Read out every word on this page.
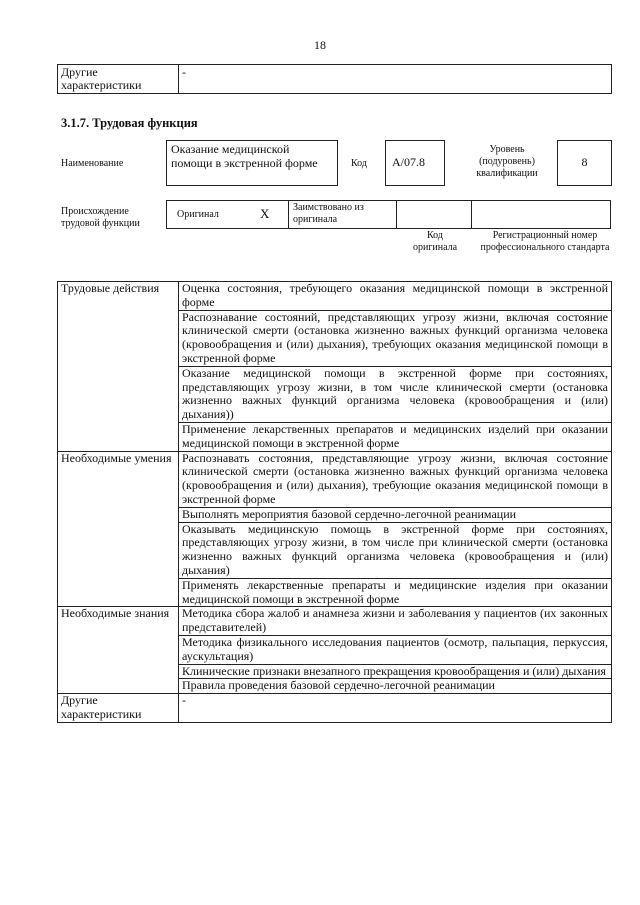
18
Другие характеристики	-
3.1.7. Трудовая функция
Наименование
Оказание медицинской помощи в экстренной форме	Код	A/07.8
Уровень (подуровень) квалификации
8
Происхождение трудовой функции
Оригинал	X Заимствовано из оригинала
Код оригинала
Регистрационный номер профессионального стандарта
Трудовые действия	Оценка состояния, требующего оказания медицинской помощи в экстренной форме
	Распознавание состояний, представляющих угрозу жизни, включая состояние клинической смерти (остановка жизненно важных функций организма человека (кровообращения и (или) дыхания), требующих оказания медицинской помощи в экстренной форме
	Оказание медицинской помощи в экстренной форме при состояниях, представляющих угрозу жизни, в том числе клинической смерти (остановка жизненно важных функций организма человека (кровообращения и (или) дыхания))
	Применение лекарственных препаратов и медицинских изделий при оказании медицинской помощи в экстренной форме
Необходимые умения	Распознавать состояния, представляющие угрозу жизни, включая состояние клинической смерти (остановка жизненно важных функций организма человека (кровообращения и (или) дыхания), требующие оказания медицинской помощи в экстренной форме
	Выполнять мероприятия базовой сердечно-легочной реанимации
	Оказывать медицинскую помощь в экстренной форме при состояниях, представляющих угрозу жизни, в том числе при клинической смерти (остановка жизненно важных функций организма человека (кровообращения и (или) дыхания)
	Применять лекарственные препараты и медицинские изделия при оказании медицинской помощи в экстренной форме
Необходимые знания	Методика сбора жалоб и анамнеза жизни и заболевания у пациентов (их законных представителей)
	Методика физикального исследования пациентов (осмотр, пальпация, перкуссия, аускультация)
	Клинические признаки внезапного прекращения кровообращения и (или) дыхания
	Правила проведения базовой сердечно-легочной реанимации
Другие характеристики	-
